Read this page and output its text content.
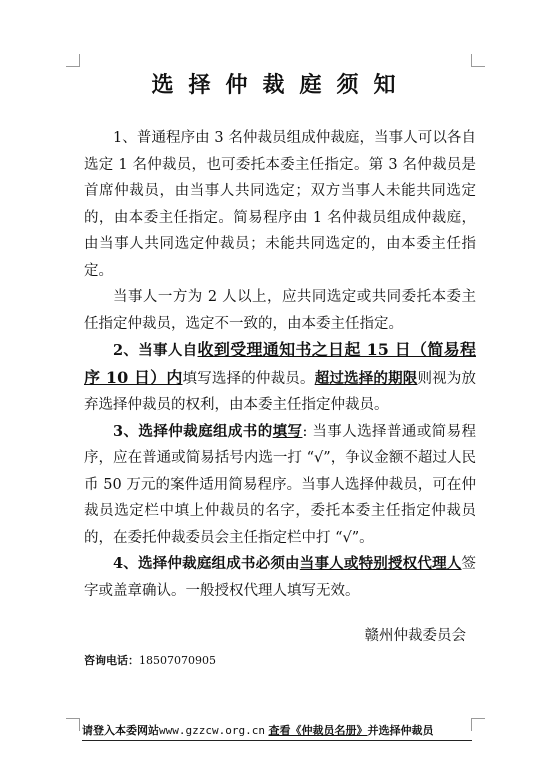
选择仲裁庭须知

1、普通程序由 3 名仲裁员组成仲裁庭，当事人可以各自选定 1 名仲裁员，也可委托本委主任指定。第 3 名仲裁员是首席仲裁员，由当事人共同选定；双方当事人未能共同选定的，由本委主任指定。简易程序由 1 名仲裁员组成仲裁庭，由当事人共同选定仲裁员；未能共同选定的，由本委主任指定。

当事人一方为 2 人以上，应共同选定或共同委托本委主任指定仲裁员，选定不一致的，由本委主任指定。

2、当事人自收到受理通知书之日起 15 日（简易程序 10 日）内填写选择的仲裁员。超过选择的期限则视为放弃选择仲裁员的权利，由本委主任指定仲裁员。

3、选择仲裁庭组成书的填写: 当事人选择普通或简易程序，应在普通或简易括号内选一打 “√”，争议金额不超过人民币 50 万元的案件适用简易程序。当事人选择仲裁员，可在仲裁员选定栏中填上仲裁员的名字，委托本委主任指定仲裁员的，在委托仲裁委员会主任指定栏中打 “√”。

4、选择仲裁庭组成书必须由当事人或特别授权代理人签字或盖章确认。一般授权代理人填写无效。

赣州仲裁委员会
咨询电话：18507070905
请登入本委网站www.gzzcw.org.cn 查看《仲裁员名册》并选择仲裁员
